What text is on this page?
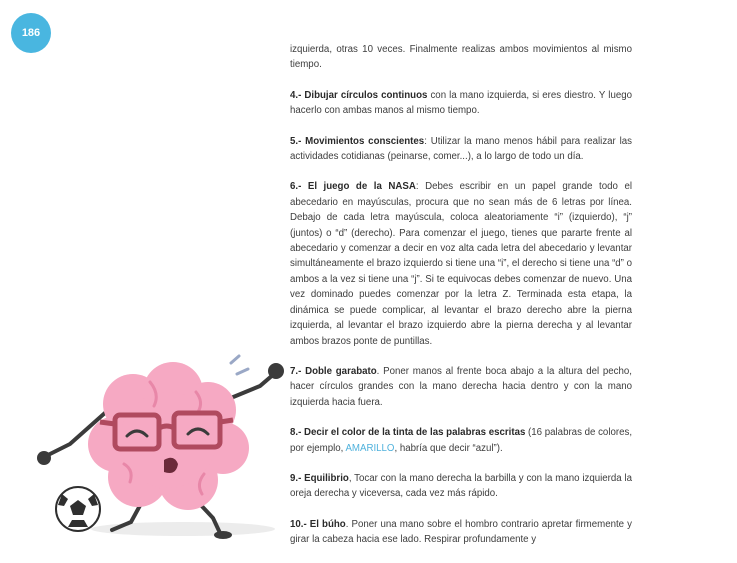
186

izquierda, otras 10 veces. Finalmente realizas ambos movimientos al mismo tiempo.

4.- Dibujar círculos continuos con la mano izquierda, si eres diestro. Y luego hacerlo con ambas manos al mismo tiempo.

5.- Movimientos conscientes: Utilizar la mano menos hábil para realizar las actividades cotidianas (peinarse, comer...), a lo largo de todo un día.

6.- El juego de la NASA: Debes escribir en un papel grande todo el abecedario en mayúsculas, procura que no sean más de 6 letras por línea. Debajo de cada letra mayúscula, coloca aleatoriamente “i” (izquierdo), “j” (juntos) o “d” (derecho). Para comenzar el juego, tienes que pararte frente al abecedario y comenzar a decir en voz alta cada letra del abecedario y levantar simultáneamente el brazo izquierdo si tiene una “i”, el derecho si tiene una “d” o ambos a la vez si tiene una “j”. Si te equivocas debes comenzar de nuevo. Una vez dominado puedes comenzar por la letra Z. Terminada esta etapa, la dinámica se puede complicar, al levantar el brazo derecho abre la pierna izquierda, al levantar el brazo izquierdo abre la pierna derecha y al levantar ambos brazos ponte de puntillas.

7.- Doble garabato. Poner manos al frente boca abajo a la altura del pecho, hacer círculos grandes con la mano derecha hacia dentro y con la mano izquierda hacia fuera.

8.- Decir el color de la tinta de las palabras escritas (16 palabras de colores, por ejemplo, AMARILLO, habría que decir “azul”).

9.- Equilibrio, Tocar con la mano derecha la barbilla y con la mano izquierda la oreja derecha y viceversa, cada vez más rápido.

10.- El búho. Poner una mano sobre el hombro contrario apretar firmemente y girar la cabeza hacia ese lado. Respirar profundamente y
